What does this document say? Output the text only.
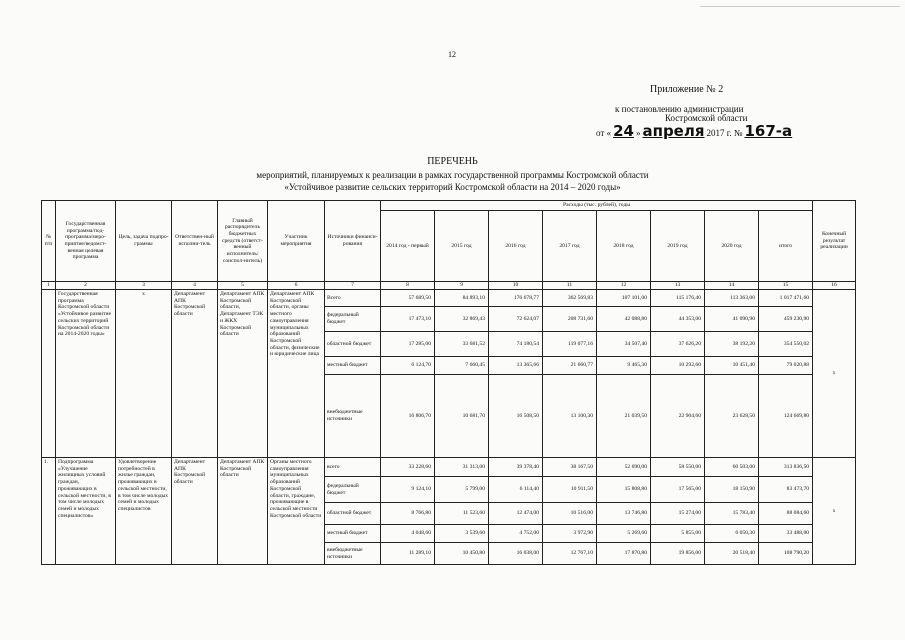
12
Приложение № 2
к постановлению администрации
Костромской области
от « 24 » апреля 2017 г. № 167-а
ПЕРЕЧЕНЬ
мероприятий, планируемых к реализации в рамках государственной программы Костромской области
«Устойчивое развитие сельских территорий Костромской области на 2014 – 2020 годы»
№ п/п	Государственная программа/под-программа/меро-приятие/ведомст-венная целевая программа	Цель, задача подпро-граммы	Ответствен-ный исполни-тель	Главный распорядитель бюджетных средств (ответст-венный исполнитель/ соиспол-нитель)	Участник мероприятия	Источники финанси-рования	Расходы (тыс. рублей), годы								Конечный результат реализации
							2014 год - первый	2015 год	2016 год	2017 год	2018 год	2019 год	2020 год	итого	
1	2	3	4	5	6	7	8	9	10	11	12	13	14	15	16
	Государственная программа Костромской области «Устойчивое развитие сельских территорий Костромской области на 2014-2020 годы»	х	Департамент АПК Костромской области	Департамент АПК Костромской области, Департамент ТЭК и ЖКХ Костромской области	Департамент АПК Костромской области, органы местного самоуправления муниципальных образований Костромской области, физические и юридические лица	Всего	57 689,50	84 893,10	176 678,77	362 569,83	107 101,00	115 176,40	113 363,00	1 017 471,60	х
						федеральный бюджет	17 473,10	32 869,43	72 624,07	208 731,60	42 088,80	44 353,00	41 090,90	459 230,90	
						областной бюджет	17 285,00	33 681,52	74 180,54	119 077,16	34 507,40	37 626,20	38 192,20	354 550,02	
						местный бюджет	6 124,70	7 660,45	13 365,66	21 660,77	9 465,30	10 292,60	10 451,40	79 020,88	
						внебюджетные источники	16 806,70	10 681,70	16 508,50	13 100,30	21 039,50	22 904,60	23 628,50	124 669,80	
1.	Подпрограмма «Улучшение жилищных условий граждан, проживающих в сельской местности, в том числе молодых семей и молодых специалистов»	Удовлетворение потребностей в жилье граждан, проживающих в сельской местности, в том числе молодых семей и молодых специалистов	Департамент АПК Костромской области	Департамент АПК Костромской области	Органы местного самоуправления муниципальных образований Костромской области, граждане, проживающие в сельской местности Костромской области	всего	33 228,60	31 313,00	39 378,40	38 167,50	52 690,00	58 550,00	60 503,00	313 836,50	х
						федеральный бюджет	9 124,10	5 799,00	6 114,40	10 911,50	15 808,80	17 565,00	18 150,90	83 473,70	
						областной бюджет	8 766,80	11 523,60	12 474,00	10 516,00	13 746,80	15 274,00	15 783,40	88 084,60	
						местный бюджет	4 048,60	3 539,60	4 752,00	3 972,90	5 269,60	5 855,00	6 050,30	33 488,00	
						внебюджетные источники	11 289,10	10 450,80	16 038,00	12 767,10	17 870,80	19 856,00	20 518,40	108 790,20	
